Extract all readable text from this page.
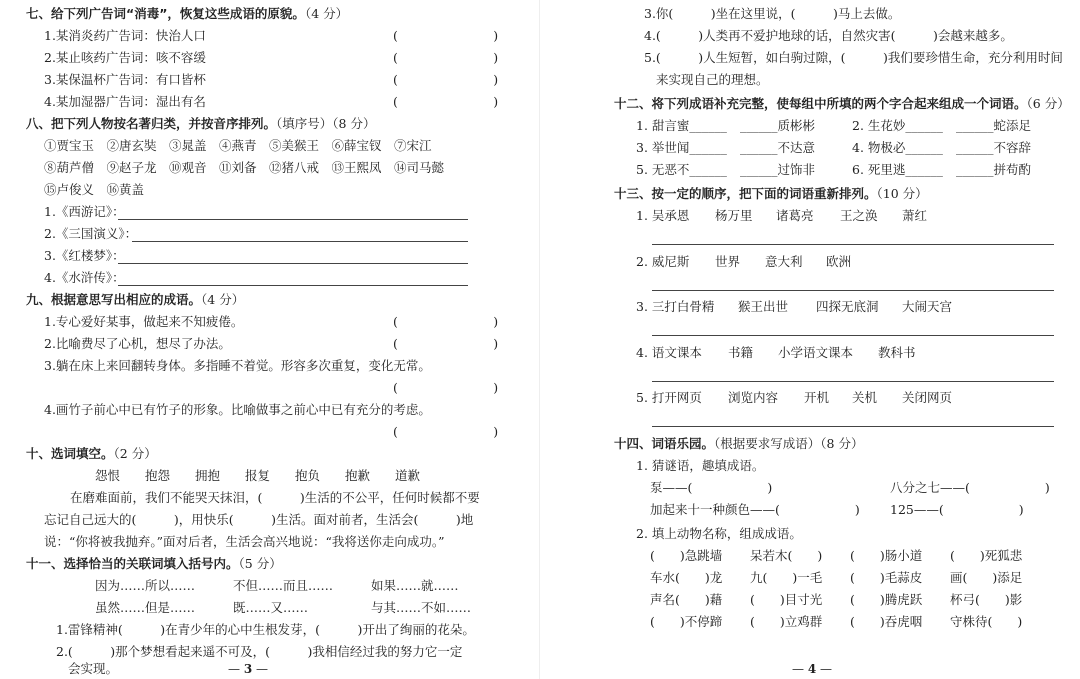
七、给下列广告词“消毒”，恢复这些成语的原貌。（4 分）
1.某消炎药广告词：快治人口	(                        )
2.某止咳药广告词：咳不容缓	(                        )
3.某保温杯广告词：有口皆杯	(                        )
4.某加湿器广告词：湿出有名	(                        )
八、把下列人物按名著归类，并按音序排列。（填序号）（8 分）
①贾宝玉　②唐玄奘　③晁盖　④燕青　⑤美猴王　⑥薛宝钗　⑦宋江
⑧葫芦僧　⑨赵子龙　⑩观音　⑪刘备　⑫猪八戒　⑬王熙凤　⑭司马懿
⑮卢俊义　⑯黄盖
1.《西游记》：
2.《三国演义》：
3.《红楼梦》：
4.《水浒传》：
九、根据意思写出相应的成语。（4 分）
1.专心爱好某事，做起来不知疲倦。	(                        )
2.比喻费尽了心机，想尽了办法。	(                        )
3.躺在床上来回翻转身体。多指睡不着觉。形容多次重复，变化无常。
(                        )
4.画竹子前心中已有竹子的形象。比喻做事之前心中已有充分的考虑。
(                        )
十、选词填空。（2 分）
怨恨 抱怨 拥抱 报复 抱负 抱歉 道歉
在磨难面前，我们不能哭天抹泪，(　　　)生活的不公平，任何时候都不要
忘记自己远大的(　　　)，用快乐(　　　)生活。面对前者，生活会(　　　)地
说：“你将被我抛弃。”面对后者，生活会高兴地说：“我将送你走向成功。”
十一、选择恰当的关联词填入括号内。（5 分）
因为……所以……	不但……而且……	如果……就……
虽然……但是……	既……又……	与其……不如……
1.雷锋精神(　　　)在青少年的心中生根发芽，(　　　)开出了绚丽的花朵。
2.(　　　)那个梦想看起来遥不可及，(　　　)我相信经过我的努力它一定
会实现。	— 3 —
3.你(　　　)坐在这里说，(　　　)马上去做。
4.(　　　)人类再不爱护地球的话，自然灾害(　　　)会越来越多。
5.(　　　)人生短暂，如白驹过隙，(　　　)我们要珍惜生命，充分利用时间
来实现自己的理想。
十二、将下列成语补充完整，使每组中所填的两个字合起来组成一个词语。（6 分）
1. 甜言蜜______ ______质彬彬	2. 生花妙______ ______蛇添足
3. 举世闻______ ______不达意	4. 物极必______ ______不容辞
5. 无恶不______ ______过饰非	6. 死里逃______ ______拼苟酌
十三、按一定的顺序，把下面的词语重新排列。（10 分）
1. 吴承恩 杨万里 诸葛亮 王之涣 萧红
2. 威尼斯 世界 意大利 欧洲
3. 三打白骨精 猴王出世 四探无底洞 大闹天宫
4. 语文课本 书籍 小学语文课本 教科书
5. 打开网页 浏览内容 开机 关机 关闭网页
十四、词语乐园。（根据要求写成语）（8 分）
1. 猜谜语，趣填成语。
泵——(　　　　　　)	八分之七——(　　　　　　)
加起来十一种颜色——(　　　　　　) 125——(　　　　　　)
2. 填上动物名称，组成成语。
(　　)急跳墙 呆若木(　　) (　　)肠小道 (　　)死狐悲
车水(　　)龙 九(　　)一毛 (　　)毛蒜皮 画(　　)添足
声名(　　)藉 (　　)目寸光 (　　)腾虎跃 杯弓(　　)影
(　　)不停蹄 (　　)立鸡群 (　　)吞虎咽 守株待(　　)
— 4 —
